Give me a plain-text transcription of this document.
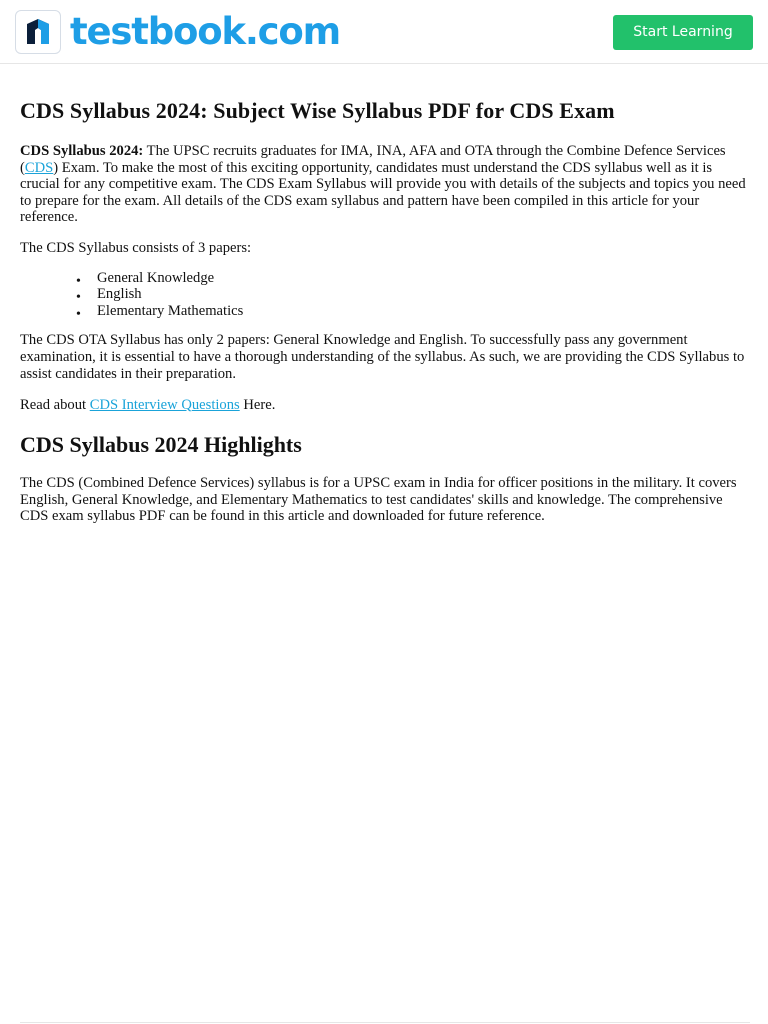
testbook.com	Start Learning
CDS Syllabus 2024: Subject Wise Syllabus PDF for CDS Exam

CDS Syllabus 2024: The UPSC recruits graduates for IMA, INA, AFA and OTA through the Combine Defence Services (CDS) Exam. To make the most of this exciting opportunity, candidates must understand the CDS syllabus well as it is crucial for any competitive exam. The CDS Exam Syllabus will provide you with details of the subjects and topics you need to prepare for the exam. All details of the CDS exam syllabus and pattern have been compiled in this article for your reference.

The CDS Syllabus consists of 3 papers:

• General Knowledge
• English
• Elementary Mathematics

The CDS OTA Syllabus has only 2 papers: General Knowledge and English. To successfully pass any government examination, it is essential to have a thorough understanding of the syllabus. As such, we are providing the CDS Syllabus to assist candidates in their preparation.

Read about CDS Interview Questions Here.

CDS Syllabus 2024 Highlights

The CDS (Combined Defence Services) syllabus is for a UPSC exam in India for officer positions in the military. It covers English, General Knowledge, and Elementary Mathematics to test candidates' skills and knowledge. The comprehensive CDS exam syllabus PDF can be found in this article and downloaded for future reference.
